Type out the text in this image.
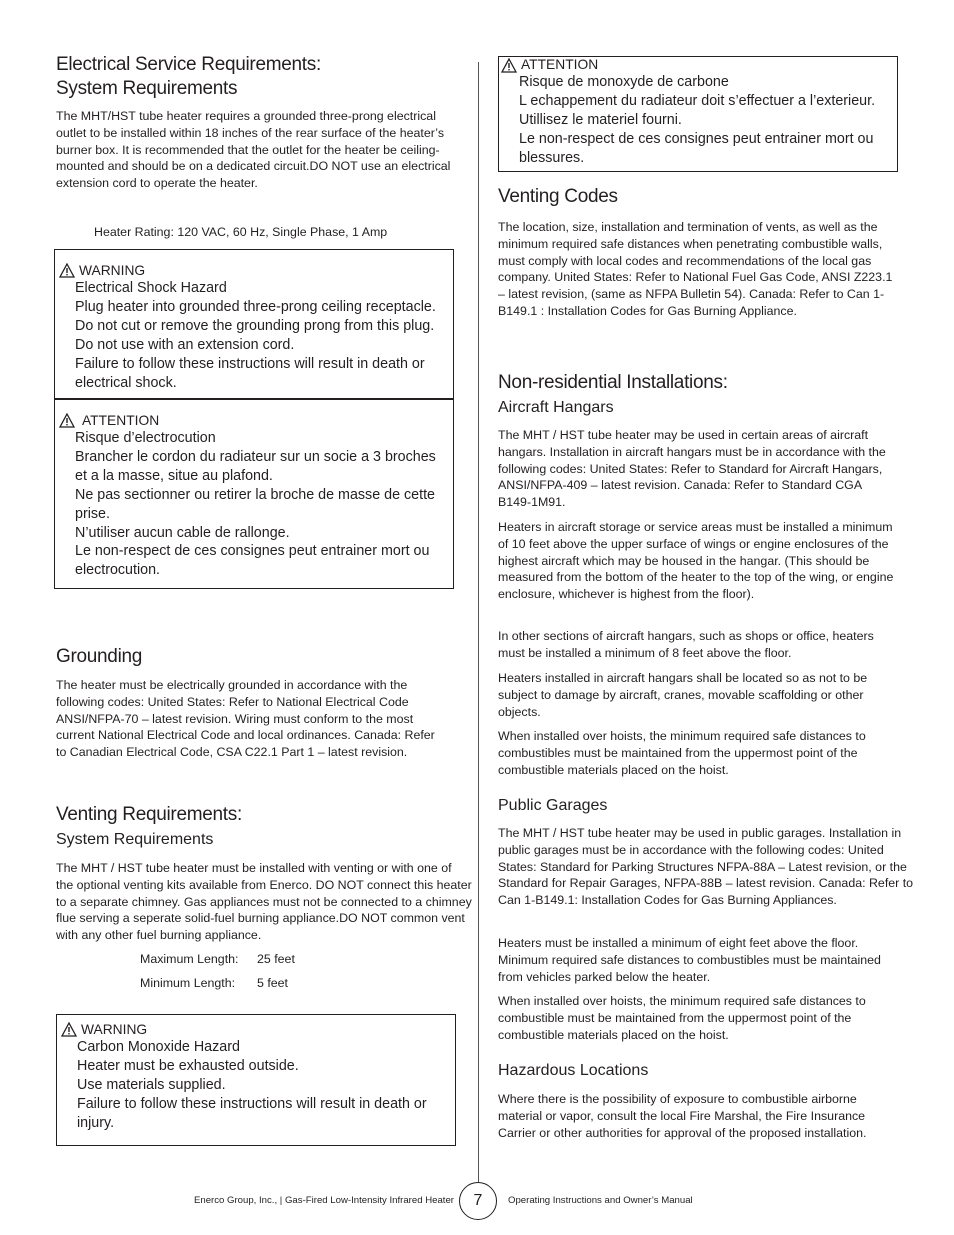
Electrical Service Requirements:
System Requirements

The MHT/HST tube heater requires a grounded three-prong electrical outlet to be installed within 18 inches of the rear surface of the heater’s burner box. It is recommended that the outlet for the heater be ceiling-mounted and should be on a dedicated circuit.DO NOT use an electrical extension cord to operate the heater.

Heater Rating: 120 VAC, 60 Hz, Single Phase, 1 Amp
WARNING

Electrical Shock Hazard

Plug heater into grounded three-prong ceiling receptacle.

Do not cut or remove the grounding prong from this plug.

Do not use with an extension cord.

Failure to follow these instructions will result in death or electrical shock.

ATTENTION

Risque d’electrocution

Brancher le cordon du radiateur sur un socie a 3 broches et a la masse, situe au plafond.

Ne pas sectionner ou retirer la broche de masse de cette prise.

N’utiliser aucun cable de rallonge.

Le non-respect de ces consignes peut entrainer mort ou electrocution.

Grounding

The heater must be electrically grounded in accordance with the following codes: United States: Refer to National Electrical Code ANSI/NFPA-70 – latest revision. Wiring must conform to the most current National Electrical Code and local ordinances. Canada: Refer to Canadian Electrical Code, CSA C22.1 Part 1 – latest revision.

Venting Requirements:
System Requirements

The MHT / HST tube heater must be installed with venting or with one of the optional venting kits available from Enerco. DO NOT connect this heater to a separate chimney. Gas appliances must not be connected to a chimney flue serving a seperate solid-fuel burning appliance.DO NOT common vent with any other fuel burning appliance.

Maximum Length: 25 feet
Minimum Length: 5 feet
WARNING

Carbon Monoxide Hazard

Heater must be exhausted outside.

Use materials supplied.

Failure to follow these instructions will result in death or injury.

ATTENTION

Risque de monoxyde de carbone

L echappement du radiateur doit s’effectuer a l’exterieur.

Utillisez le materiel fourni.

Le non-respect de ces consignes peut entrainer mort ou blessures.

Venting Codes

The location, size, installation and termination of vents, as well as the minimum required safe distances when penetrating combustible walls, must comply with local codes and recommendations of the local gas company. United States: Refer to National Fuel Gas Code, ANSI Z223.1 – latest revision, (same as NFPA Bulletin 54). Canada: Refer to Can 1-B149.1 : Installation Codes for Gas Burning Appliance.

Non-residential Installations:
Aircraft Hangars

The MHT / HST tube heater may be used in certain areas of aircraft hangars. Installation in aircraft hangars must be in accordance with the following codes: United States: Refer to Standard for Aircraft Hangars, ANSI/NFPA-409 – latest revision. Canada: Refer to Standard CGA B149-1M91.

Heaters in aircraft storage or service areas must be installed a minimum of 10 feet above the upper surface of wings or engine enclosures of the highest aircraft which may be housed in the hangar. (This should be measured from the bottom of the heater to the top of the wing, or engine enclosure, whichever is highest from the floor).

In other sections of aircraft hangars, such as shops or office, heaters must be installed a minimum of 8 feet above the floor.

Heaters installed in aircraft hangars shall be located so as not to be subject to damage by aircraft, cranes, movable scaffolding or other objects.

When installed over hoists, the minimum required safe distances to combustibles must be maintained from the uppermost point of the combustible materials placed on the hoist.

Public Garages

The MHT / HST tube heater may be used in public garages. Installation in public garages must be in accordance with the following codes: United States: Standard for Parking Structures NFPA-88A – Latest revision, or the Standard for Repair Garages, NFPA-88B – latest revision. Canada: Refer to Can 1-B149.1: Installation Codes for Gas Burning Appliances.

Heaters must be installed a minimum of eight feet above the floor. Minimum required safe distances to combustibles must be maintained from vehicles parked below the heater.

When installed over hoists, the minimum required safe distances to combustible must be maintained from the uppermost point of the combustible materials placed on the hoist.

Hazardous Locations

Where there is the possibility of exposure to combustible airborne material or vapor, consult the local Fire Marshal, the Fire Insurance Carrier or other authorities for approval of the proposed installation.

Enerco Group, Inc., | Gas-Fired Low-Intensity Infrared Heater	7	Operating Instructions and Owner’s Manual
